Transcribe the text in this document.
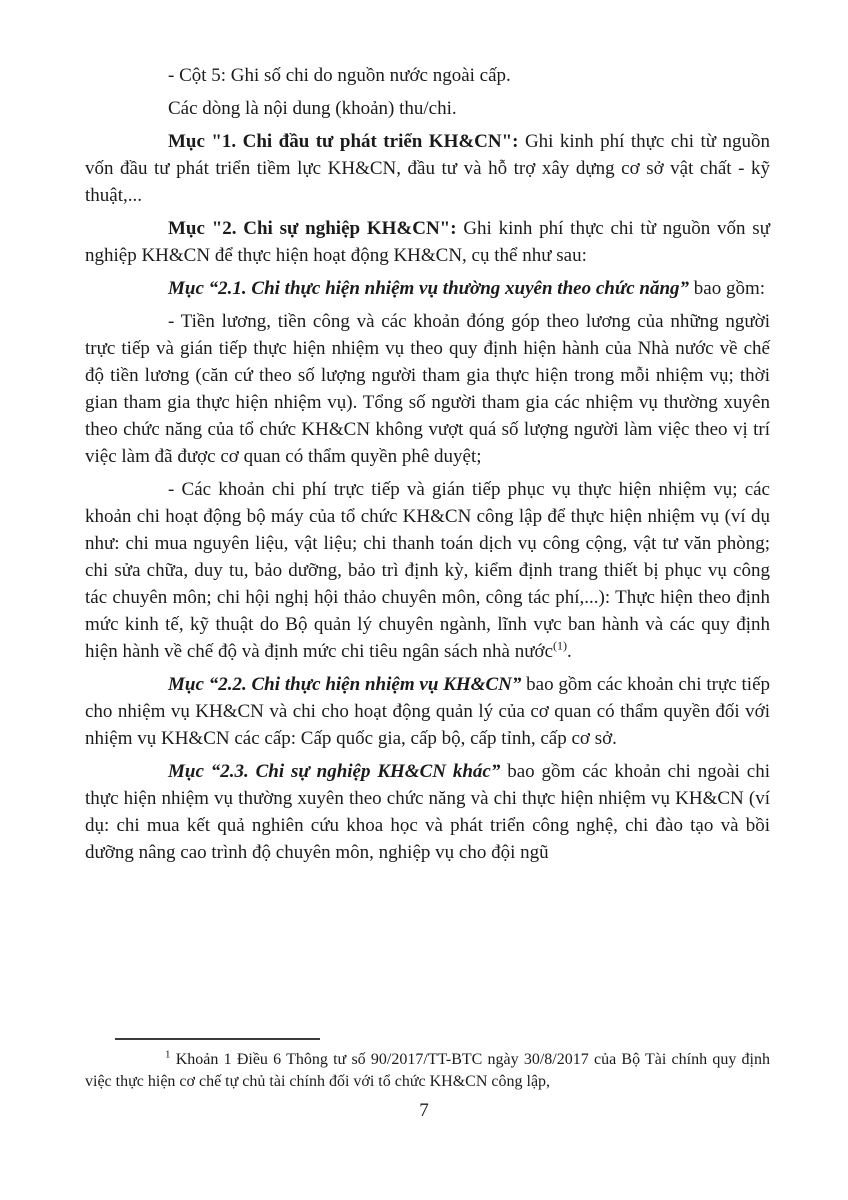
- Cột 5: Ghi số chi do nguồn nước ngoài cấp.

Các dòng là nội dung (khoản) thu/chi.

Mục "1. Chi đầu tư phát triển KH&CN": Ghi kinh phí thực chi từ nguồn vốn đầu tư phát triển tiềm lực KH&CN, đầu tư và hỗ trợ xây dựng cơ sở vật chất - kỹ thuật,...

Mục "2. Chi sự nghiệp KH&CN": Ghi kinh phí thực chi từ nguồn vốn sự nghiệp KH&CN để thực hiện hoạt động KH&CN, cụ thể như sau:

Mục “2.1. Chi thực hiện nhiệm vụ thường xuyên theo chức năng” bao gồm:

- Tiền lương, tiền công và các khoản đóng góp theo lương của những người trực tiếp và gián tiếp thực hiện nhiệm vụ theo quy định hiện hành của Nhà nước về chế độ tiền lương (căn cứ theo số lượng người tham gia thực hiện trong mỗi nhiệm vụ; thời gian tham gia thực hiện nhiệm vụ). Tổng số người tham gia các nhiệm vụ thường xuyên theo chức năng của tổ chức KH&CN không vượt quá số lượng người làm việc theo vị trí việc làm đã được cơ quan có thẩm quyền phê duyệt;

- Các khoản chi phí trực tiếp và gián tiếp phục vụ thực hiện nhiệm vụ; các khoản chi hoạt động bộ máy của tổ chức KH&CN công lập để thực hiện nhiệm vụ (ví dụ như: chi mua nguyên liệu, vật liệu; chi thanh toán dịch vụ công cộng, vật tư văn phòng; chi sửa chữa, duy tu, bảo dưỡng, bảo trì định kỳ, kiểm định trang thiết bị phục vụ công tác chuyên môn; chi hội nghị hội thảo chuyên môn, công tác phí,...): Thực hiện theo định mức kinh tế, kỹ thuật do Bộ quản lý chuyên ngành, lĩnh vực ban hành và các quy định hiện hành về chế độ và định mức chi tiêu ngân sách nhà nước$^{(1)}$.

Mục “2.2. Chi thực hiện nhiệm vụ KH&CN” bao gồm các khoản chi trực tiếp cho nhiệm vụ KH&CN và chi cho hoạt động quản lý của cơ quan có thẩm quyền đối với nhiệm vụ KH&CN các cấp: Cấp quốc gia, cấp bộ, cấp tỉnh, cấp cơ sở.

Mục “2.3. Chi sự nghiệp KH&CN khác” bao gồm các khoản chi ngoài chi thực hiện nhiệm vụ thường xuyên theo chức năng và chi thực hiện nhiệm vụ KH&CN (ví dụ: chi mua kết quả nghiên cứu khoa học và phát triển công nghệ, chi đào tạo và bồi dưỡng nâng cao trình độ chuyên môn, nghiệp vụ cho đội ngũ

$^1$ Khoản 1 Điều 6 Thông tư số 90/2017/TT-BTC ngày 30/8/2017 của Bộ Tài chính quy định việc thực hiện cơ chế tự chủ tài chính đối với tổ chức KH&CN công lập,

7
